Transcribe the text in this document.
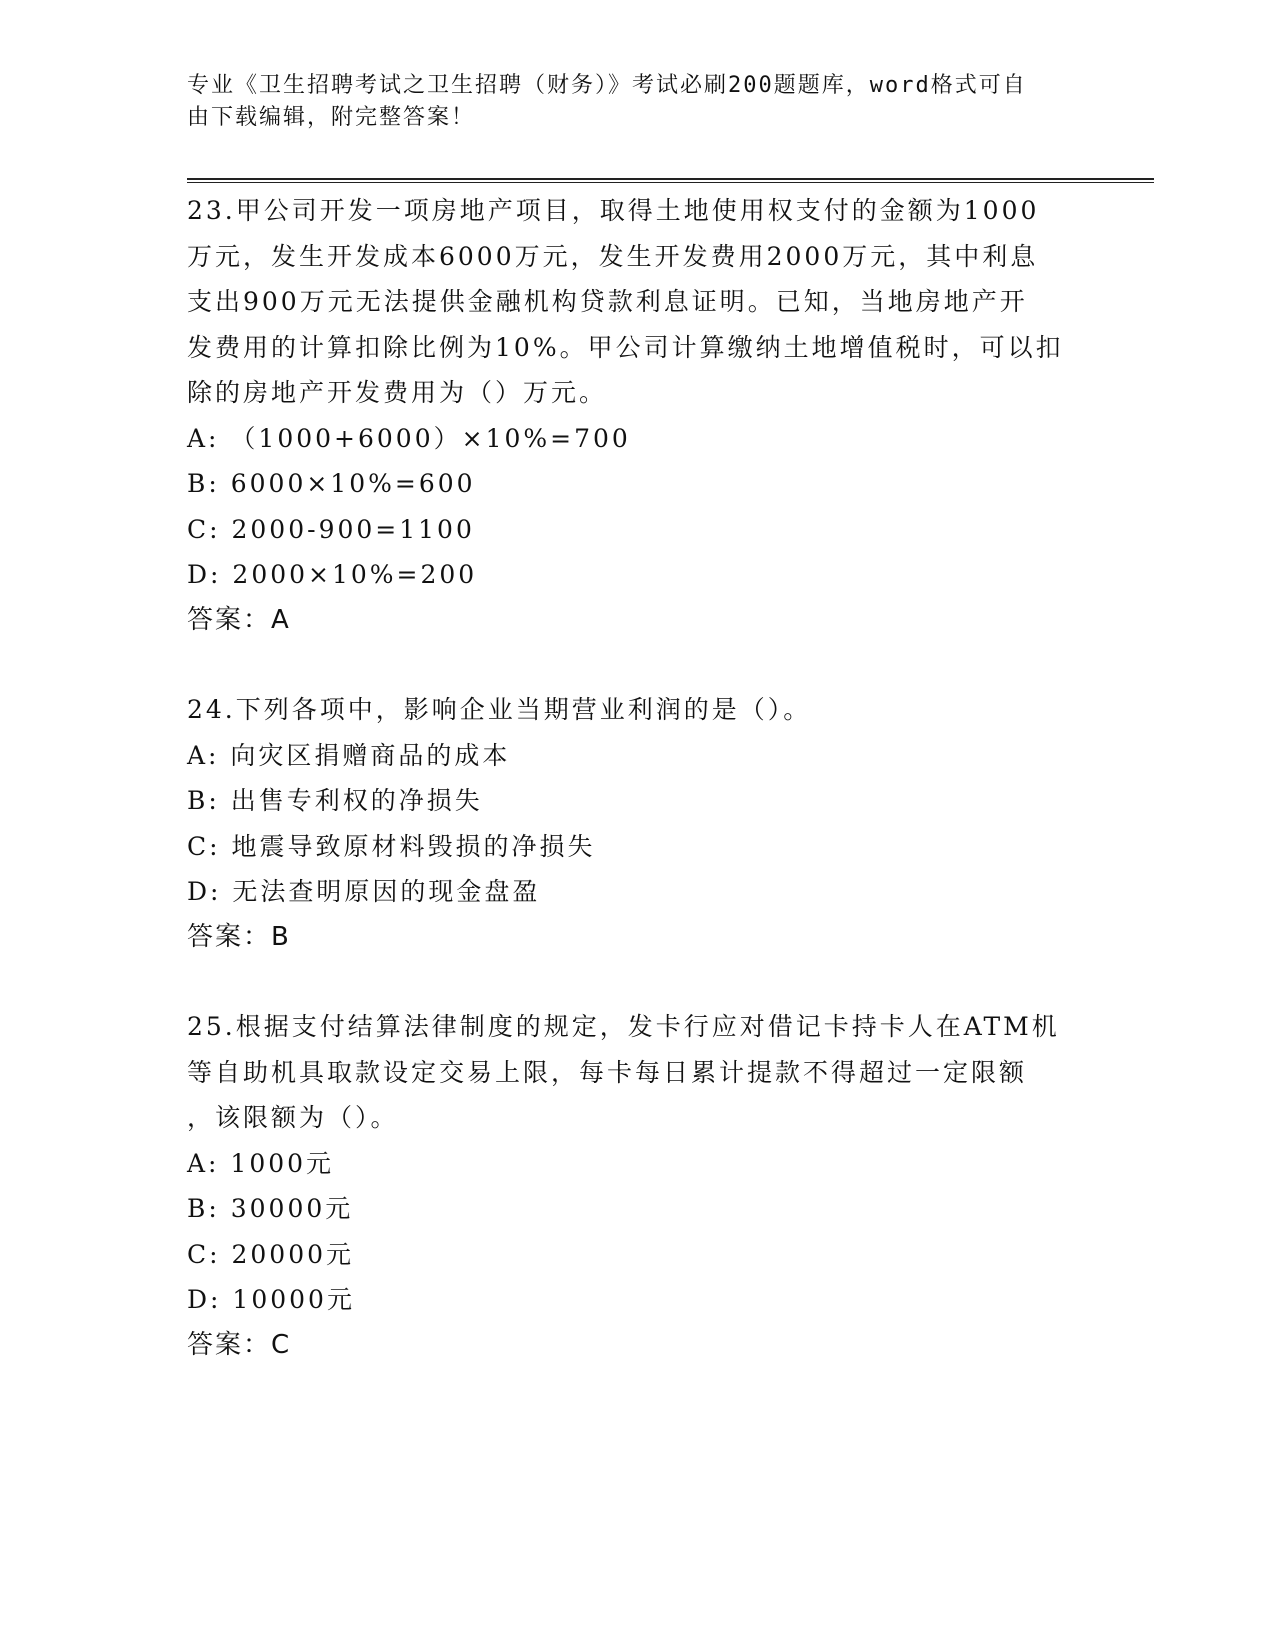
专业《卫生招聘考试之卫生招聘（财务）》考试必刷200题题库，word格式可自
由下载编辑，附完整答案！
23.甲公司开发一项房地产项目，取得土地使用权支付的金额为1000
万元，发生开发成本6000万元，发生开发费用2000万元，其中利息
支出900万元无法提供金融机构贷款利息证明。已知，当地房地产开
发费用的计算扣除比例为10%。甲公司计算缴纳土地增值税时，可以扣
除的房地产开发费用为（）万元。
A: （1000+6000）×10%=700
B: 6000×10%=600
C: 2000-900=1100
D: 2000×10%=200
答案：A
24.下列各项中，影响企业当期营业利润的是（）。
A: 向灾区捐赠商品的成本
B: 出售专利权的净损失
C: 地震导致原材料毁损的净损失
D: 无法查明原因的现金盘盈
答案：B
25.根据支付结算法律制度的规定，发卡行应对借记卡持卡人在ATM机
等自助机具取款设定交易上限，每卡每日累计提款不得超过一定限额
，该限额为（）。
A: 1000元
B: 30000元
C: 20000元
D: 10000元
答案：C
